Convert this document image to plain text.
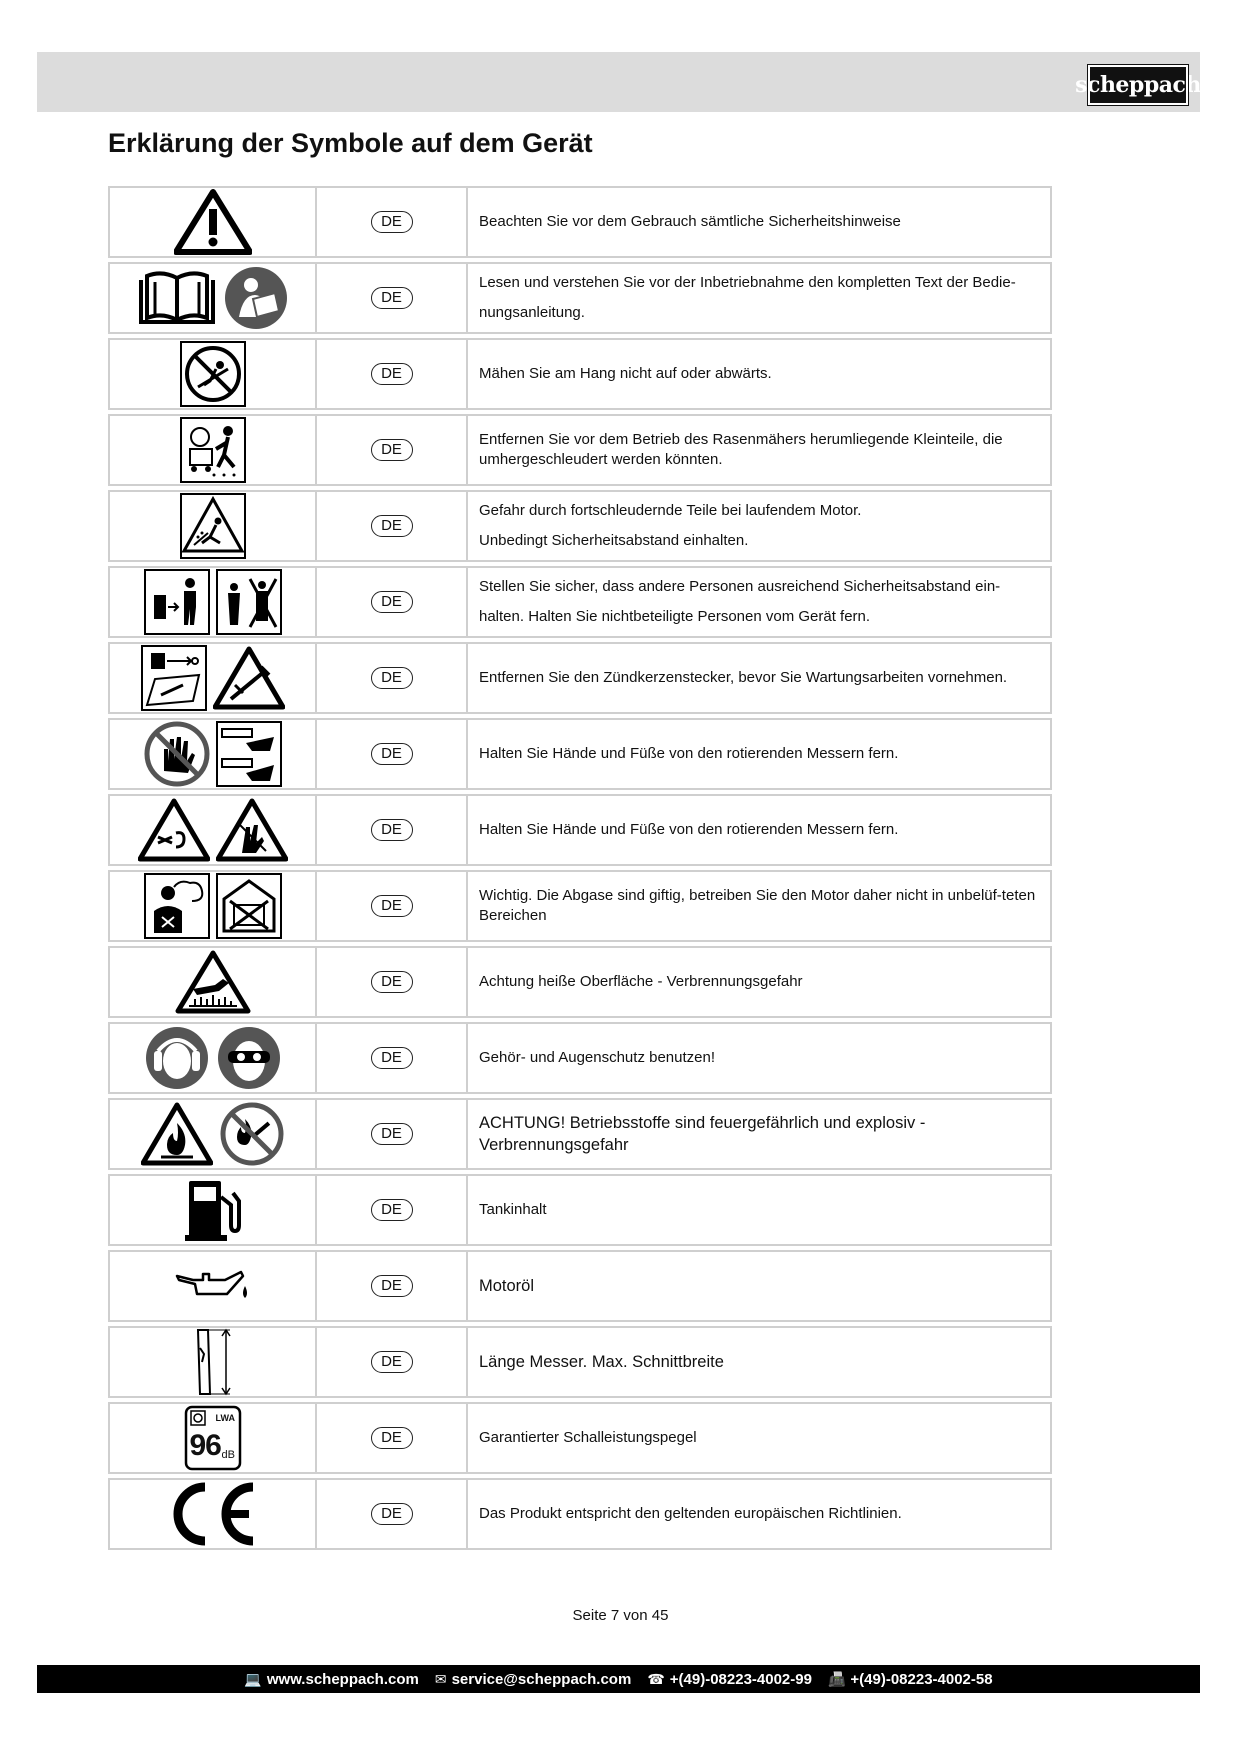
scheppach
Erklärung der Symbole auf dem Gerät
DE	Beachten Sie vor dem Gebrauch sämtliche Sicherheitshinweise
DE
Lesen und verstehen Sie vor der Inbetriebnahme den kompletten Text der Bedie-nungsanleitung.
DE	Mähen Sie am Hang nicht auf oder abwärts.
DE
Entfernen Sie vor dem Betrieb des Rasenmähers herumliegende Kleinteile, die umhergeschleudert werden könnten.
DE
Gefahr durch fortschleudernde Teile bei laufendem Motor.
Unbedingt Sicherheitsabstand einhalten.
DE
Stellen Sie sicher, dass andere Personen ausreichend Sicherheitsabstand ein-halten. Halten Sie nichtbeteiligte Personen vom Gerät fern.
DE	Entfernen Sie den Zündkerzenstecker, bevor Sie Wartungsarbeiten vornehmen.
DE	Halten Sie Hände und Füße von den rotierenden Messern fern.
DE	Halten Sie Hände und Füße von den rotierenden Messern fern.
DE
Wichtig. Die Abgase sind giftig, betreiben Sie den Motor daher nicht in unbelüf-teten Bereichen
DE	Achtung heiße Oberfläche - Verbrennungsgefahr
DE	Gehör- und Augenschutz benutzen!
DE
ACHTUNG! Betriebsstoffe sind feuergefährlich und explosiv -Verbrennungsgefahr
DE	Tankinhalt
DE	Motoröl
DE	Länge Messer. Max. Schnittbreite
LWA
96 dB
DE	Garantierter Schalleistungspegel
DE	Das Produkt entspricht den geltenden europäischen Richtlinien.
Seite 7 von 45
💻 www.scheppach.com ✉ service@scheppach.com ☎ +(49)-08223-4002-99 📠 +(49)-08223-4002-58
